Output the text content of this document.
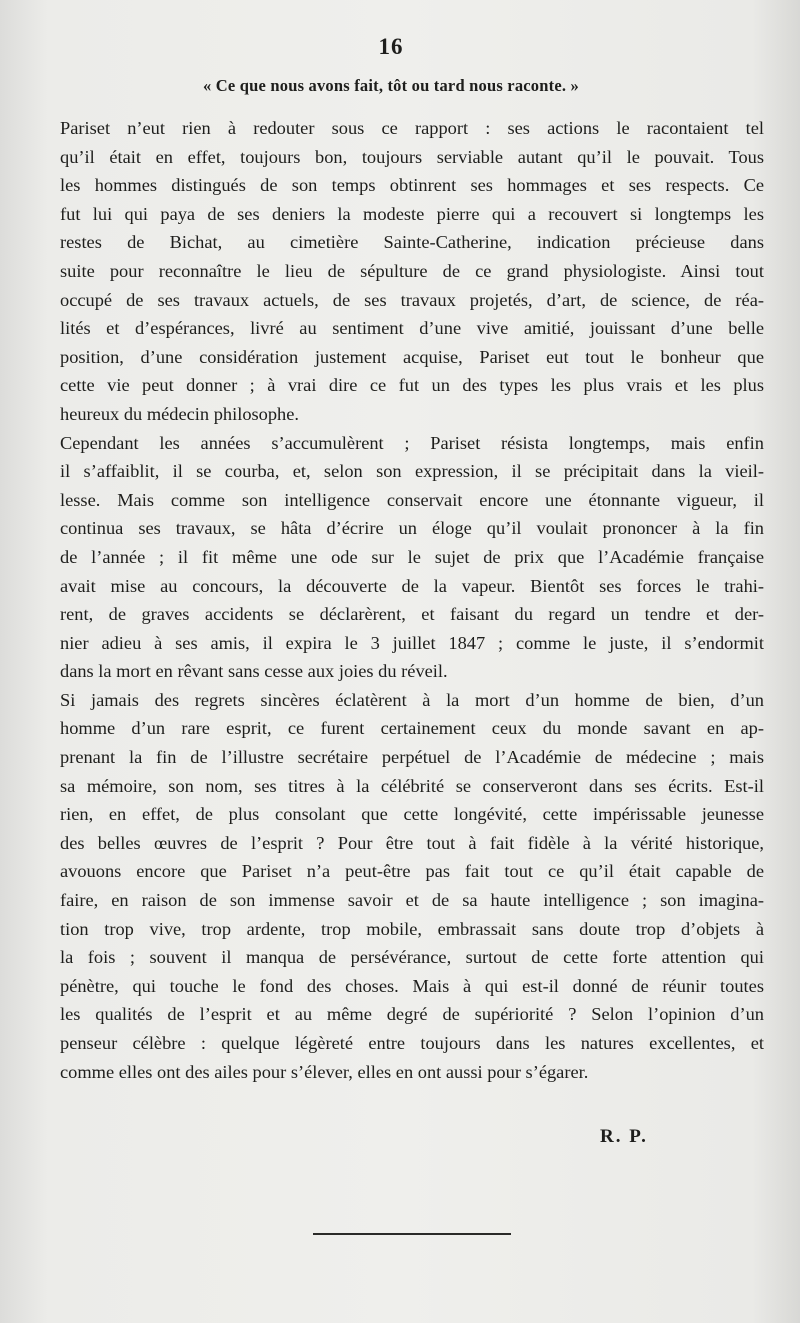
16
« Ce que nous avons fait, tôt ou tard nous raconte. »
Pariset n’eut rien à redouter sous ce rapport : ses actions le racontaient tel
qu’il était en effet, toujours bon, toujours serviable autant qu’il le pouvait. Tous
les hommes distingués de son temps obtinrent ses hommages et ses respects. Ce
fut lui qui paya de ses deniers la modeste pierre qui a recouvert si longtemps les
restes de Bichat, au cimetière Sainte-Catherine, indication précieuse dans
suite pour reconnaître le lieu de sépulture de ce grand physiologiste. Ainsi tout
occupé de ses travaux actuels, de ses travaux projetés, d’art, de science, de réa-
lités et d’espérances, livré au sentiment d’une vive amitié, jouissant d’une belle
position, d’une considération justement acquise, Pariset eut tout le bonheur que
cette vie peut donner ; à vrai dire ce fut un des types les plus vrais et les plus
heureux du médecin philosophe.
Cependant les années s’accumulèrent ; Pariset résista longtemps, mais enfin
il s’affaiblit, il se courba, et, selon son expression, il se précipitait dans la vieil-
lesse. Mais comme son intelligence conservait encore une étonnante vigueur, il
continua ses travaux, se hâta d’écrire un éloge qu’il voulait prononcer à la fin
de l’année ; il fit même une ode sur le sujet de prix que l’Académie française
avait mise au concours, la découverte de la vapeur. Bientôt ses forces le trahi-
rent, de graves accidents se déclarèrent, et faisant du regard un tendre et der-
nier adieu à ses amis, il expira le 3 juillet 1847 ; comme le juste, il s’endormit
dans la mort en rêvant sans cesse aux joies du réveil.
Si jamais des regrets sincères éclatèrent à la mort d’un homme de bien, d’un
homme d’un rare esprit, ce furent certainement ceux du monde savant en ap-
prenant la fin de l’illustre secrétaire perpétuel de l’Académie de médecine ; mais
sa mémoire, son nom, ses titres à la célébrité se conserveront dans ses écrits. Est-il
rien, en effet, de plus consolant que cette longévité, cette impérissable jeunesse
des belles œuvres de l’esprit ? Pour être tout à fait fidèle à la vérité historique,
avouons encore que Pariset n’a peut-être pas fait tout ce qu’il était capable de
faire, en raison de son immense savoir et de sa haute intelligence ; son imagina-
tion trop vive, trop ardente, trop mobile, embrassait sans doute trop d’objets à
la fois ; souvent il manqua de persévérance, surtout de cette forte attention qui
pénètre, qui touche le fond des choses. Mais à qui est-il donné de réunir toutes
les qualités de l’esprit et au même degré de supériorité ? Selon l’opinion d’un
penseur célèbre : quelque légèreté entre toujours dans les natures excellentes, et
comme elles ont des ailes pour s’élever, elles en ont aussi pour s’égarer.
R. P.
